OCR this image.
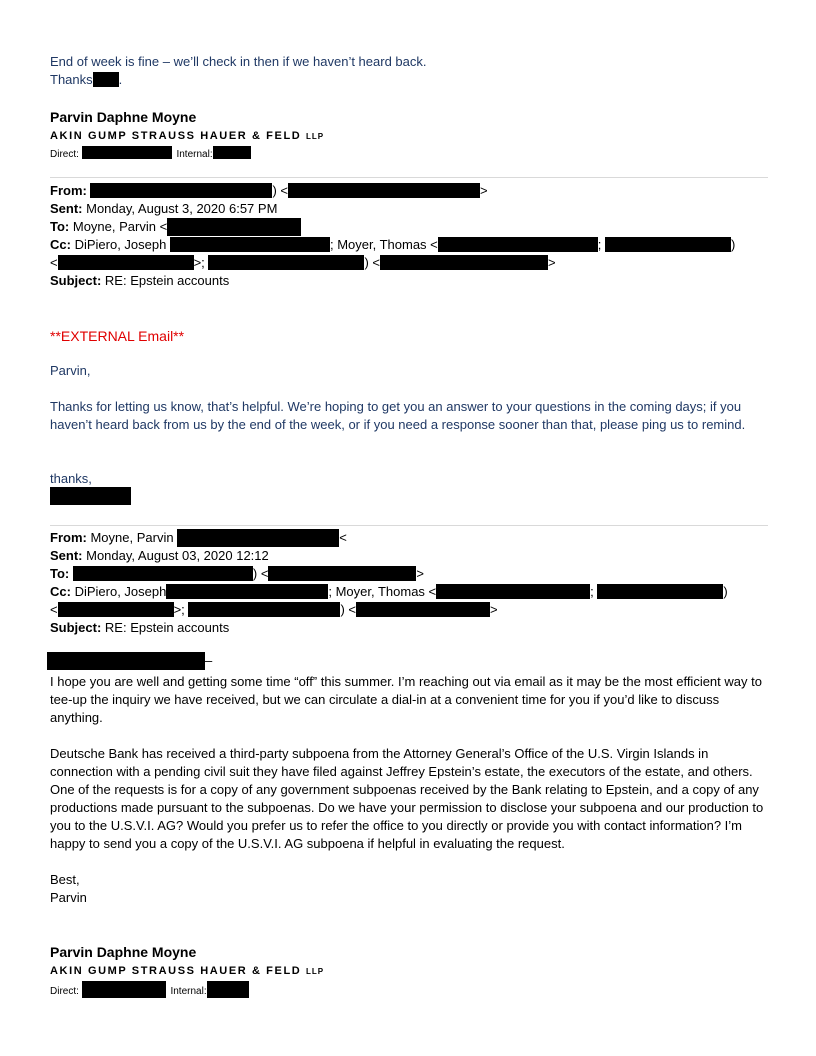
End of week is fine – we’ll check in then if we haven’t heard back.
Thanks .
Parvin Daphne Moyne
AKIN GUMP STRAUSS HAUER & FELD LLP
Direct:	Internal:
From:	) <	>
Sent: Monday, August 3, 2020 6:57 PM
To: Moyne, Parvin <
Cc: DiPiero, Joseph	; Moyer, Thomas <	;	)
<	>;	) <	>
Subject: RE: Epstein accounts
**EXTERNAL Email**
Parvin,
Thanks for letting us know, that’s helpful. We’re hoping to get you an answer to your questions in the coming days; if you haven’t heard back from us by the end of the week, or if you need a response sooner than that, please ping us to remind.
thanks,
From: Moyne, Parvin	<
Sent: Monday, August 03, 2020 12:12
To:	) <	>
Cc: DiPiero, Joseph	; Moyer, Thomas <	;	)
<	>;	) <	>
Subject: RE: Epstein accounts
–
I hope you are well and getting some time “off” this summer. I’m reaching out via email as it may be the most efficient way to tee-up the inquiry we have received, but we can circulate a dial-in at a convenient time for you if you’d like to discuss anything.
Deutsche Bank has received a third-party subpoena from the Attorney General’s Office of the U.S. Virgin Islands in connection with a pending civil suit they have filed against Jeffrey Epstein’s estate, the executors of the estate, and others. One of the requests is for a copy of any government subpoenas received by the Bank relating to Epstein, and a copy of any productions made pursuant to the subpoenas. Do we have your permission to disclose your subpoena and our production to you to the U.S.V.I. AG? Would you prefer us to refer the office to you directly or provide you with contact information? I’m happy to send you a copy of the U.S.V.I. AG subpoena if helpful in evaluating the request.
Best,
Parvin
Parvin Daphne Moyne
AKIN GUMP STRAUSS HAUER & FELD LLP
Direct:	Internal:
